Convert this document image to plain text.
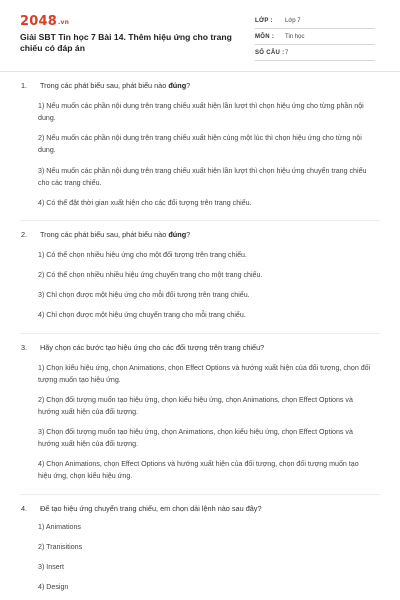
2048.vn
Giải SBT Tin học 7 Bài 14. Thêm hiệu ứng cho trang chiếu có đáp án
LỚP : Lớp 7
MÔN : Tin học
SỐ CÂU : 7
1. Trong các phát biểu sau, phát biểu nào đúng?
1) Nếu muốn các phần nội dung trên trang chiếu xuất hiện lần lượt thì chọn hiệu ứng cho từng phần nội dung.
2) Nếu muốn các phần nội dung trên trang chiếu xuất hiện cùng một lúc thì chọn hiệu ứng cho từng nội dung.
3) Nếu muốn các phần nội dung trên trang chiếu xuất hiện lần lượt thì chọn hiệu ứng chuyển trang chiếu cho các trang chiếu.
4) Có thể đặt thời gian xuất hiện cho các đối tượng trên trang chiếu.
2. Trong các phát biểu sau, phát biểu nào đúng?
1) Có thể chọn nhiều hiệu ứng cho một đối tượng trên trang chiếu.
2) Có thể chọn nhiều nhiều hiệu ứng chuyển trang cho một trang chiếu.
3) Chỉ chọn được một hiệu ứng cho mỗi đối tượng trên trang chiếu.
4) Chỉ chọn được một hiệu ứng chuyển trang cho mỗi trang chiếu.
3. Hãy chọn các bước tạo hiệu ứng cho các đối tượng trên trang chiếu?
1) Chọn kiểu hiệu ứng, chọn Animations, chọn Effect Options và hướng xuất hiện của đối tượng, chọn đối tượng muốn tạo hiệu ứng.
2) Chọn đối tượng muốn tạo hiệu ứng, chọn kiểu hiệu ứng, chọn Animations, chọn Effect Options và hướng xuất hiện của đối tượng.
3) Chọn đối tượng muốn tạo hiệu ứng, chọn Animations, chọn kiểu hiệu ứng, chọn Effect Options và hướng xuất hiện của đối tượng.
4) Chọn Animations, chọn Effect Options và hướng xuất hiện của đối tượng, chọn đối tượng muốn tạo hiệu ứng, chọn kiểu hiệu ứng.
4. Để tạo hiệu ứng chuyển trang chiếu, em chọn dải lệnh nào sau đây?
1) Animations
2) Tranisitions
3) Insert
4) Design
